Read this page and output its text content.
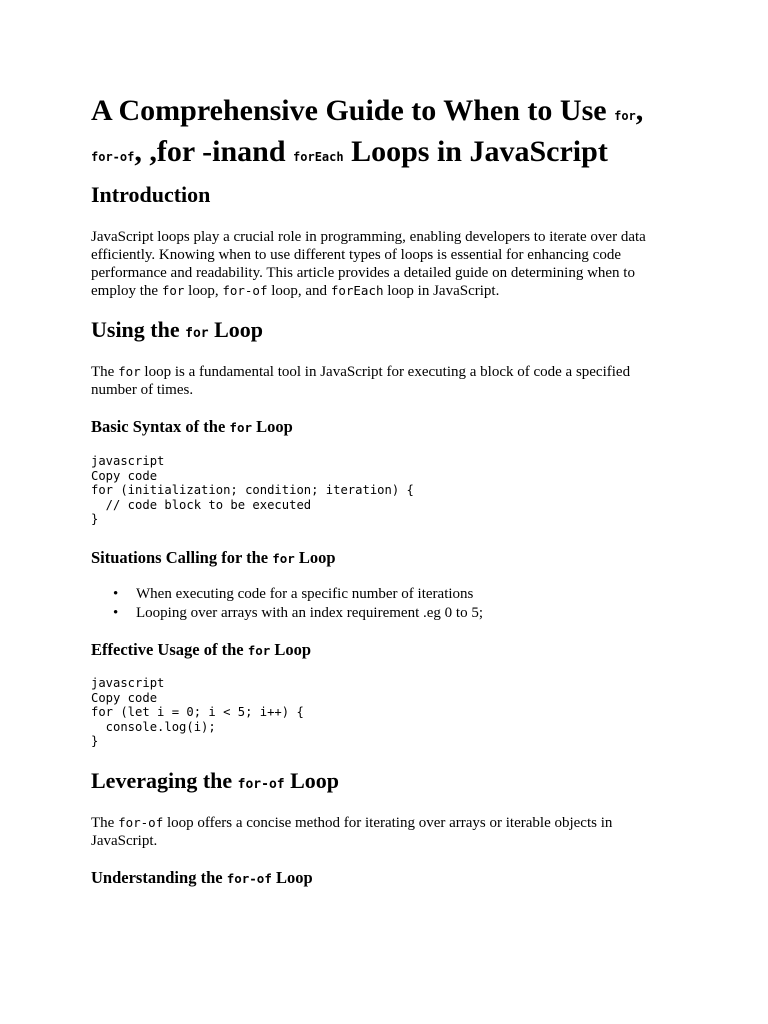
A Comprehensive Guide to When to Use for,
for-of, ,for -inand forEach Loops in JavaScript
Introduction

JavaScript loops play a crucial role in programming, enabling developers to iterate over data efficiently. Knowing when to use different types of loops is essential for enhancing code performance and readability. This article provides a detailed guide on determining when to employ the for loop, for-of loop, and forEach loop in JavaScript.

Using the for Loop

The for loop is a fundamental tool in JavaScript for executing a block of code a specified number of times.

Basic Syntax of the for Loop
javascript
Copy code
for (initialization; condition; iteration) {
// code block to be executed
}
Situations Calling for the for Loop
• When executing code for a specific number of iterations
• Looping over arrays with an index requirement .eg 0 to 5;
Effective Usage of the for Loop
javascript
Copy code
for (let i = 0; i < 5; i++) {
console.log(i);
}
Leveraging the for-of Loop

The for-of loop offers a concise method for iterating over arrays or iterable objects in JavaScript.

Understanding the for-of Loop
